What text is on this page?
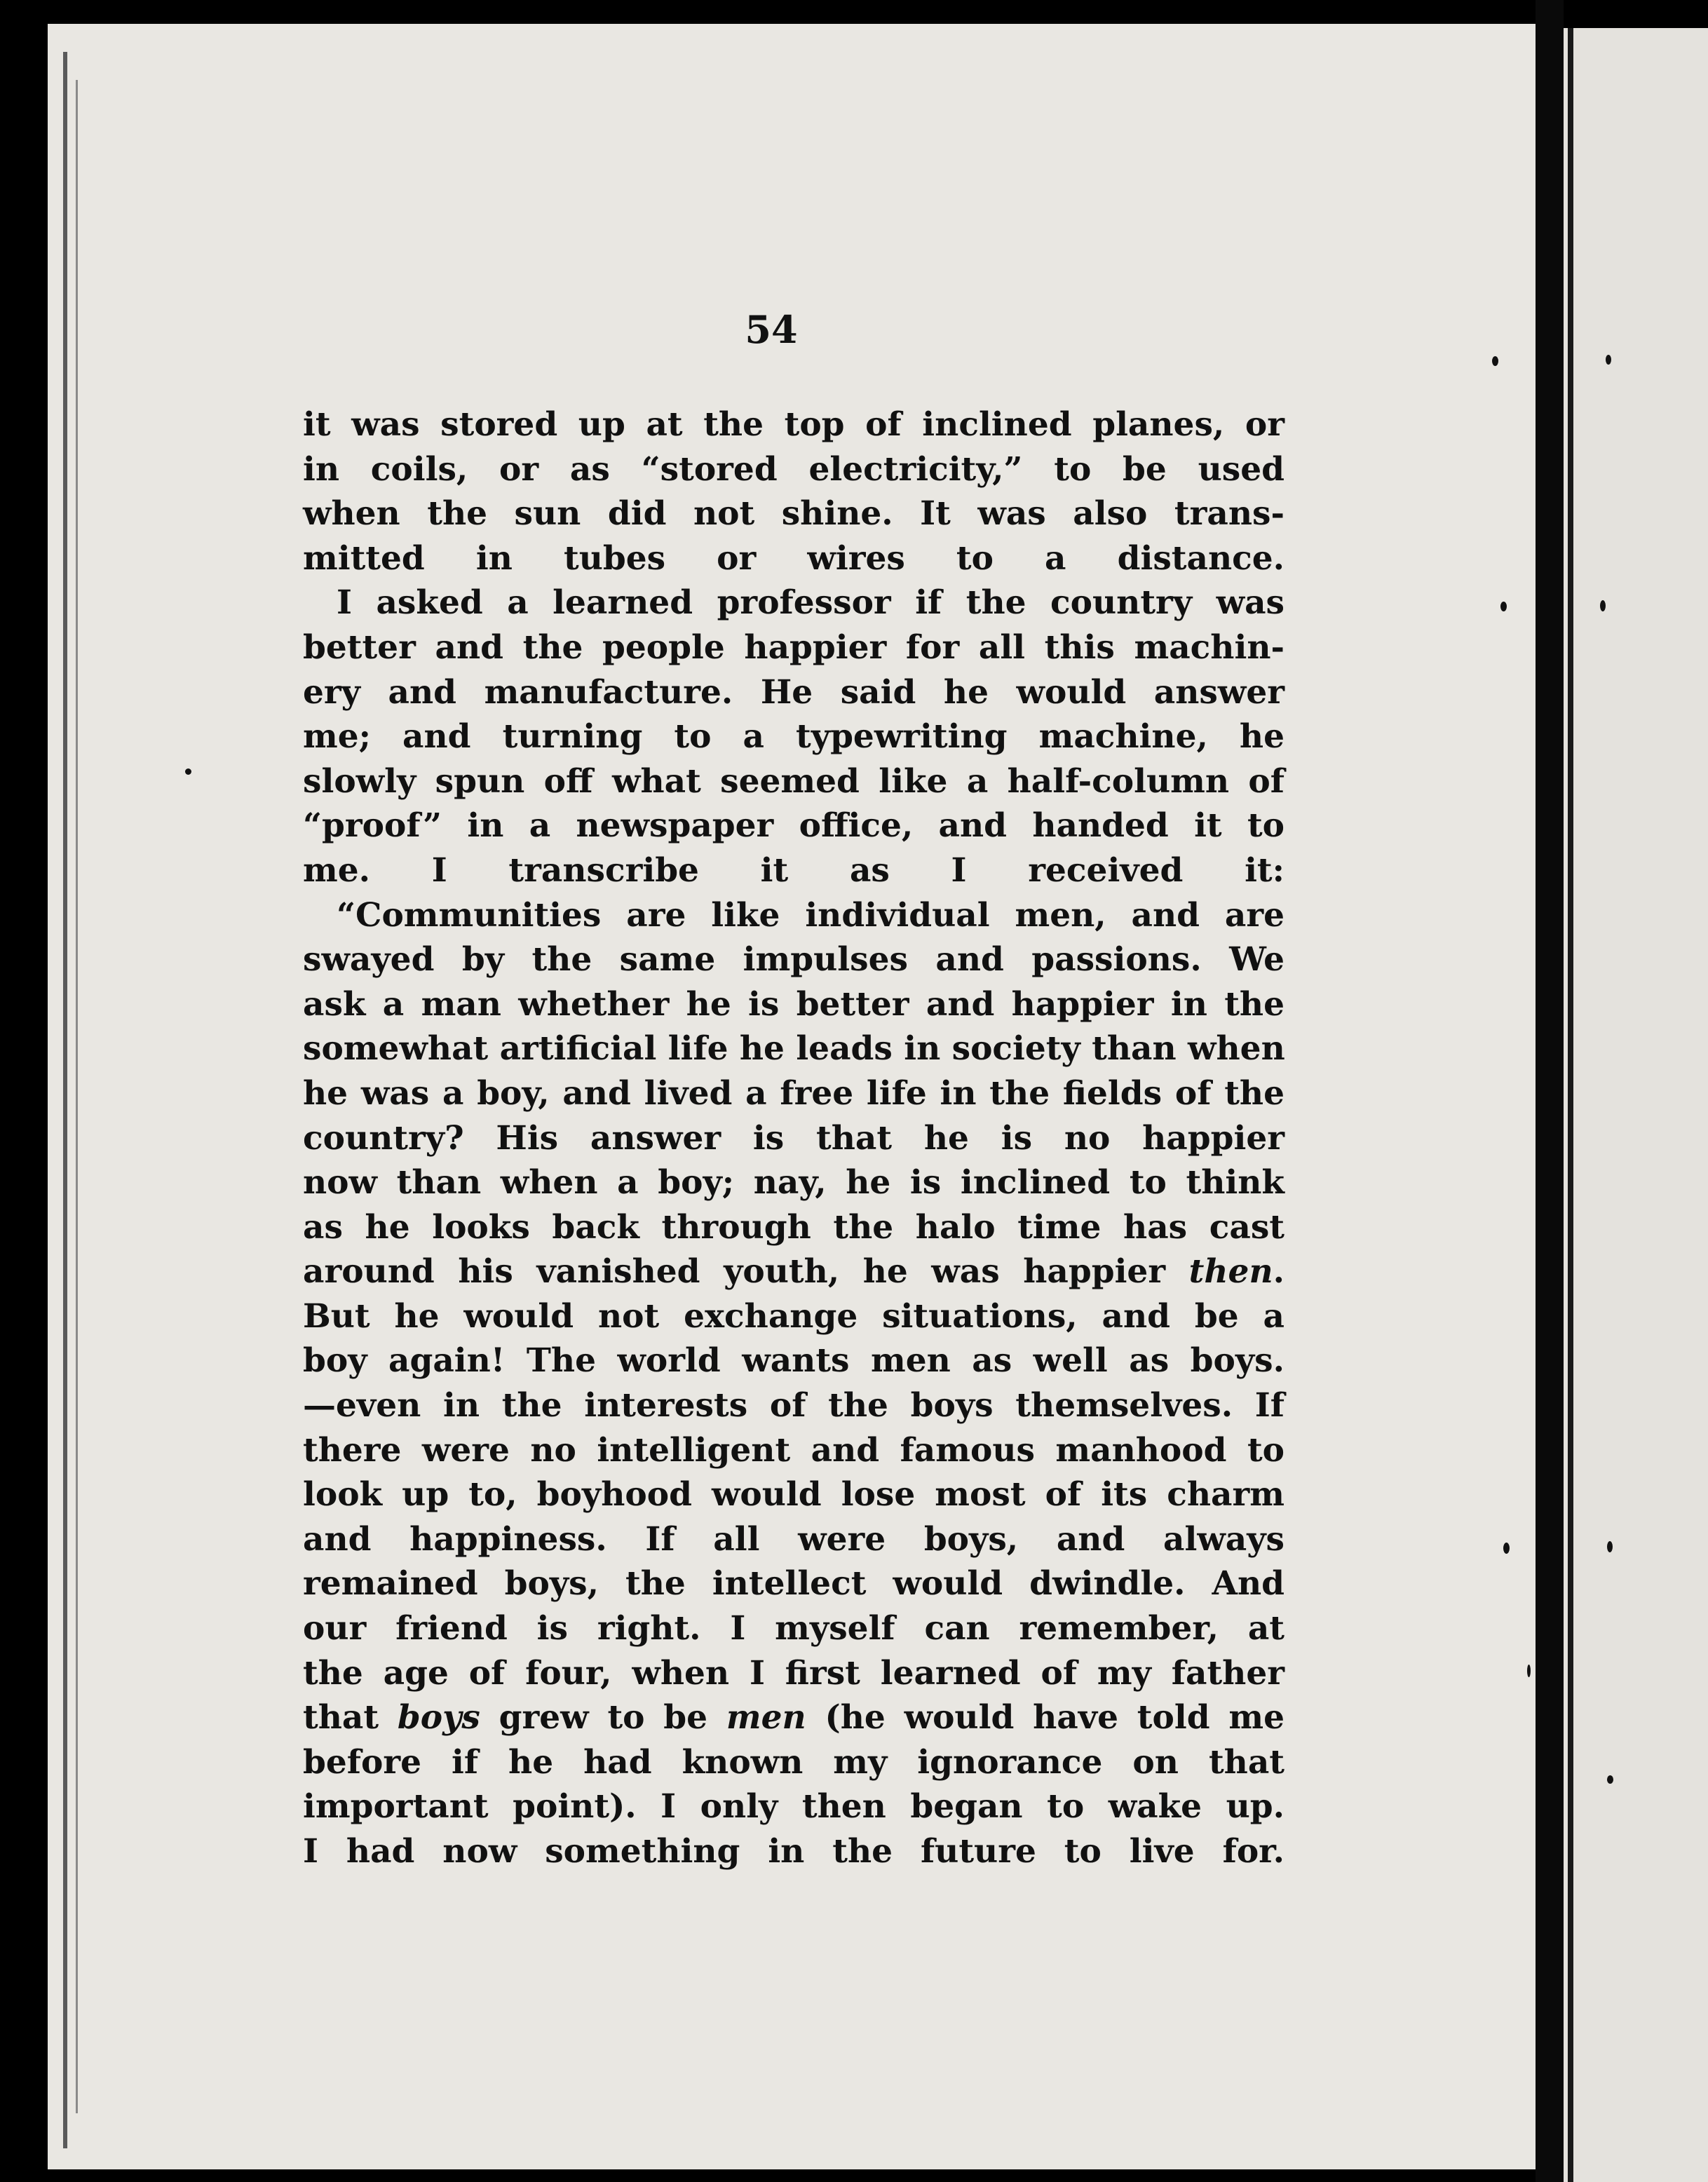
54

it was stored up at the top of inclined planes, or
in coils, or as “stored electricity,” to be used
when the sun did not shine. It was also trans-
mitted in tubes or wires to a distance.

I asked a learned professor if the country was
better and the people happier for all this machin-
ery and manufacture. He said he would answer
me; and turning to a typewriting machine, he
slowly spun off what seemed like a half-column of
“proof” in a newspaper office, and handed it to
me. I transcribe it as I received it:

“Communities are like individual men, and are
swayed by the same impulses and passions. We
ask a man whether he is better and happier in the
somewhat artificial life he leads in society than when
he was a boy, and lived a free life in the fields of the
country? His answer is that he is no happier
now than when a boy; nay, he is inclined to think
as he looks back through the halo time has cast
around his vanished youth, he was happier then.
But he would not exchange situations, and be a
boy again! The world wants men as well as boys.
—even in the interests of the boys themselves. If
there were no intelligent and famous manhood to
look up to, boyhood would lose most of its charm
and happiness. If all were boys, and always
remained boys, the intellect would dwindle. And
our friend is right. I myself can remember, at
the age of four, when I first learned of my father
that boys grew to be men (he would have told me
before if he had known my ignorance on that
important point). I only then began to wake up.
I had now something in the future to live for.
